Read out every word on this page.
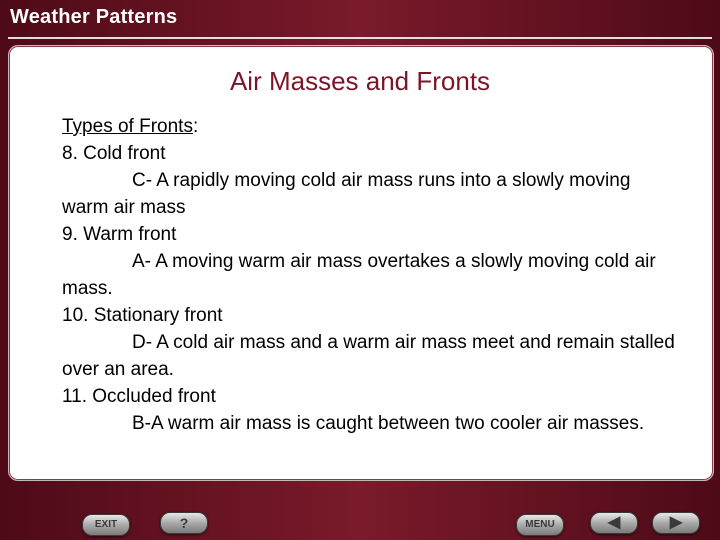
Weather Patterns
Air Masses and Fronts

Types of Fronts:

8. Cold front

C- A rapidly moving cold air mass runs into a slowly moving warm air mass

9. Warm front

A- A moving warm air mass overtakes a slowly moving cold air mass.

10. Stationary front

D- A cold air mass and a warm air mass meet and remain stalled over an area.

11. Occluded front

B-A warm air mass is caught between two cooler air masses.

EXIT	?	MENU	◀	▶
